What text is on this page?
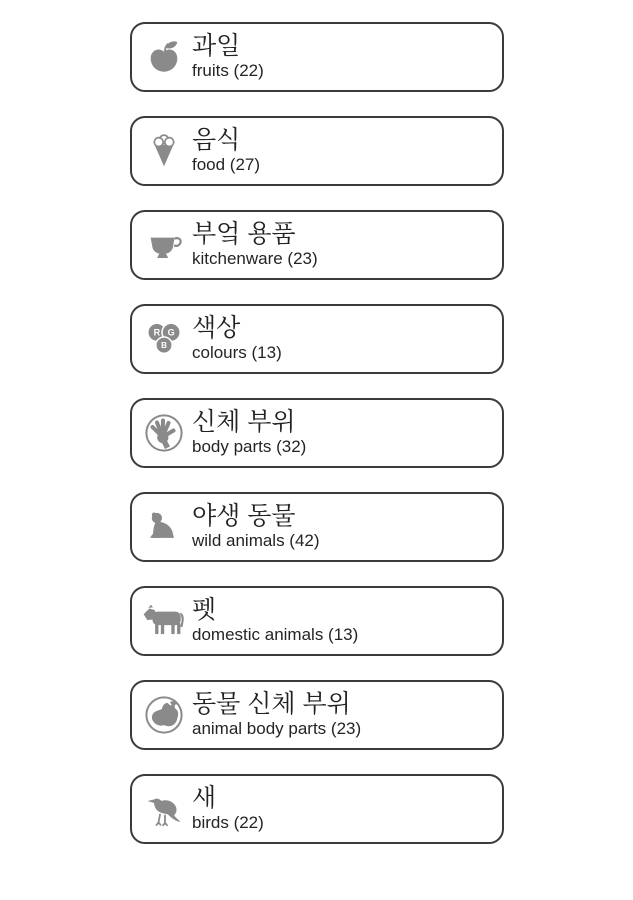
과일
fruits (22)
음식
food (27)
부엌 용품
kitchenware (23)
R G
B
색상
colours (13)
신체 부위
body parts (32)
야생 동물
wild animals (42)
펫
domestic animals (13)
동물 신체 부위
animal body parts (23)
새
birds (22)
